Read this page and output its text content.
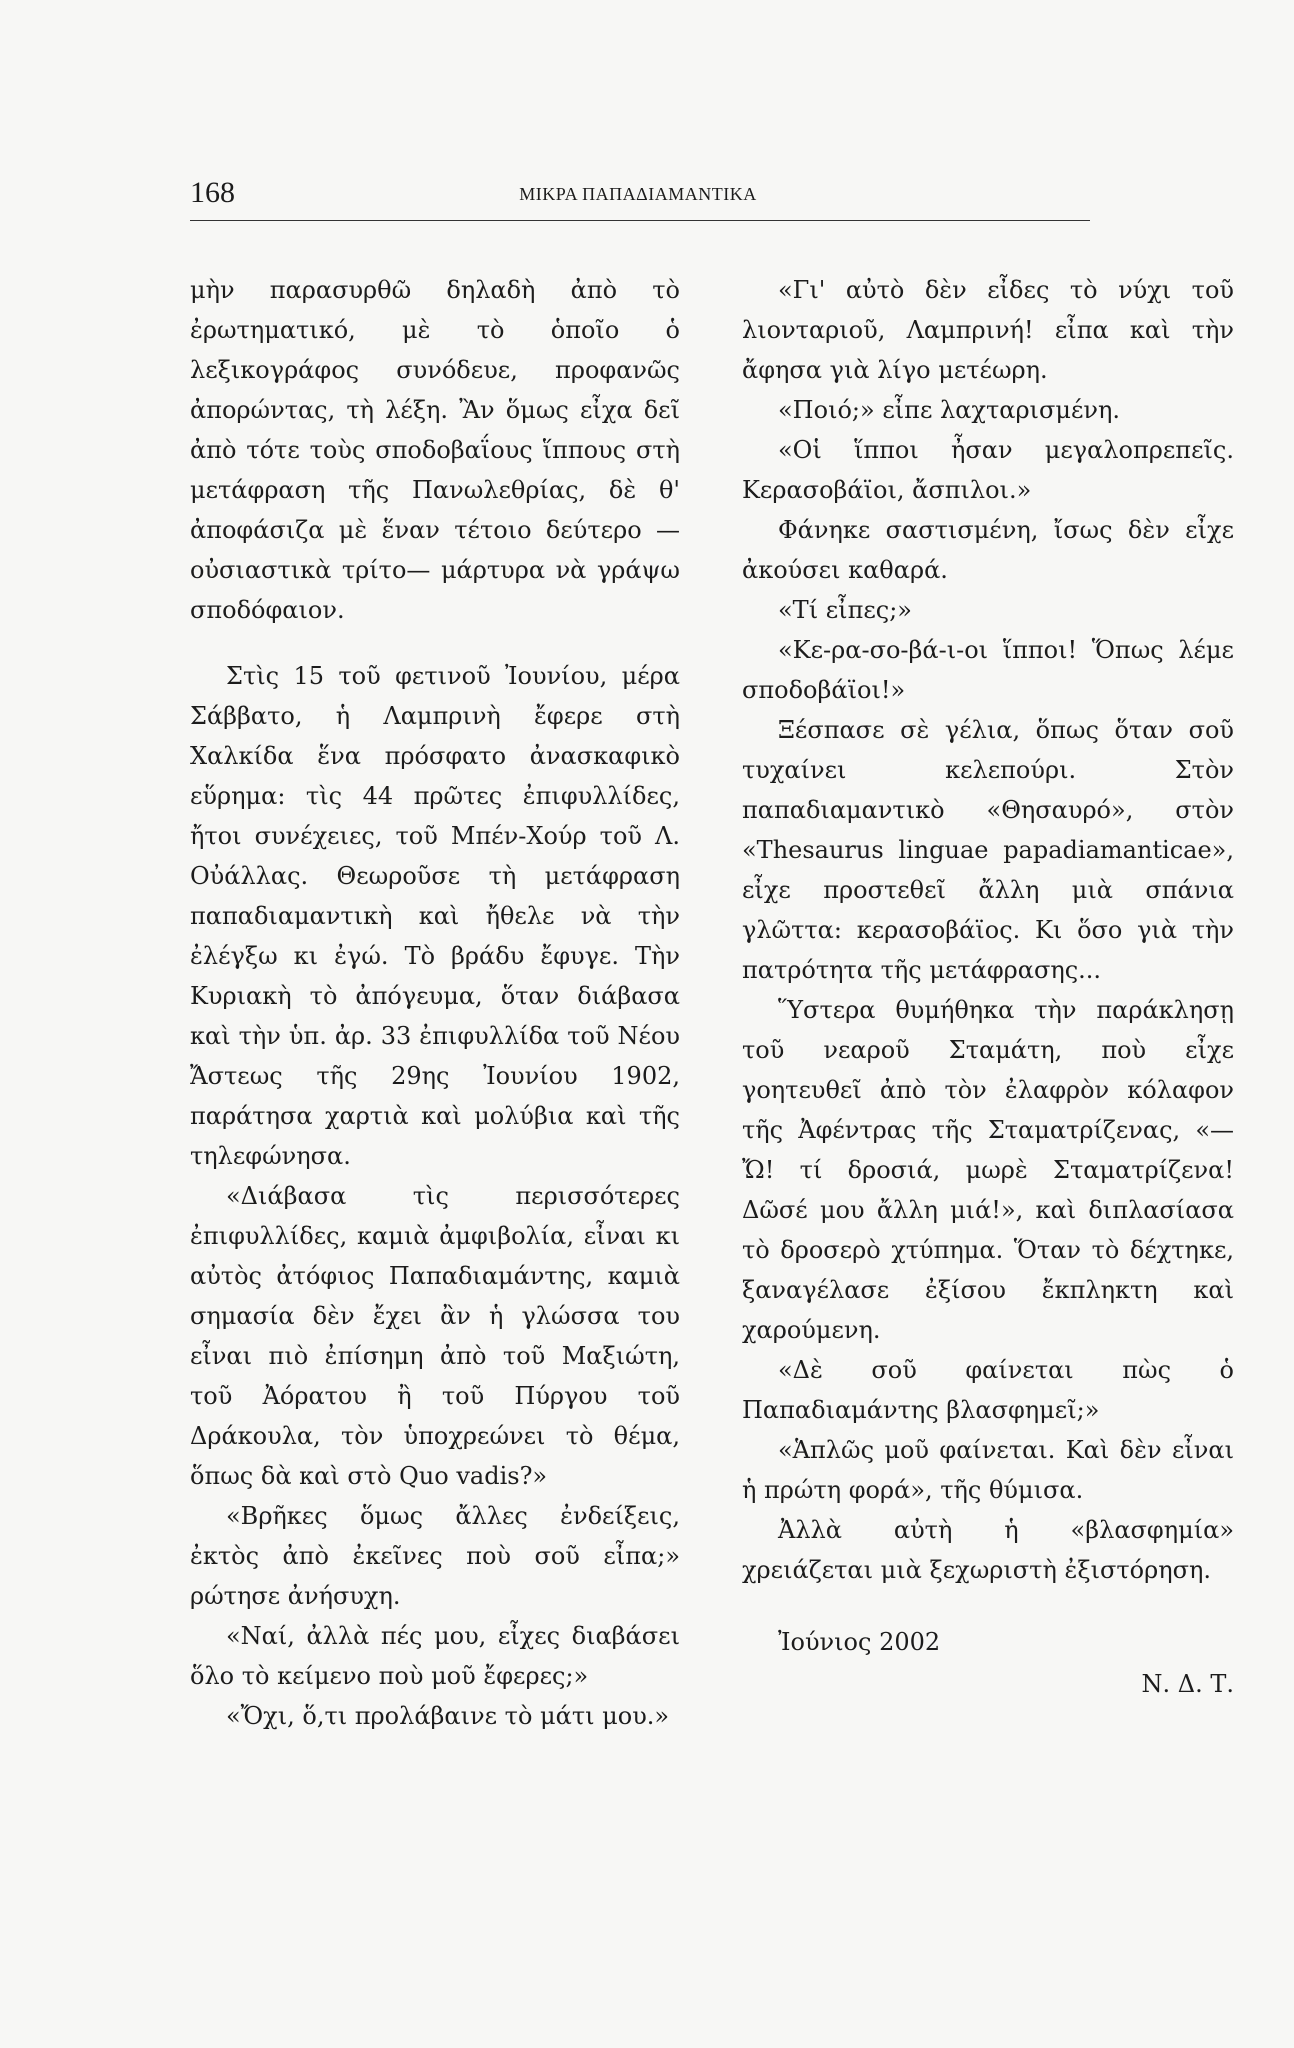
168	ΜΙΚΡΑ ΠΑΠΑΔΙΑΜΑΝΤΙΚΑ

μὴν παρασυρθῶ δηλαδὴ ἀπὸ τὸ ἐρωτηματικό, μὲ τὸ ὁποῖο ὁ λεξικογράφος συνόδευε, προφανῶς ἀπορώντας, τὴ λέξη. Ἂν ὅμως εἶχα δεῖ ἀπὸ τότε τοὺς σποδοβαΐους ἵππους στὴ μετάφραση τῆς Πανωλεθρίας, δὲ θ' ἀποφάσιζα μὲ ἕναν τέτοιο δεύτερο —οὐσιαστικὰ τρίτο— μάρτυρα νὰ γράψω σποδόφαιον.

Στὶς 15 τοῦ φετινοῦ Ἰουνίου, μέρα Σάββατο, ἡ Λαμπρινὴ ἔφερε στὴ Χαλκίδα ἕνα πρόσφατο ἀνασκαφικὸ εὕρημα: τὶς 44 πρῶτες ἐπιφυλλίδες, ἤτοι συνέχειες, τοῦ Μπέν-Χούρ τοῦ Λ. Οὐάλλας. Θεωροῦσε τὴ μετάφραση παπαδιαμαντικὴ καὶ ἤθελε νὰ τὴν ἐλέγξω κι ἐγώ. Τὸ βράδυ ἔφυγε. Τὴν Κυριακὴ τὸ ἀπόγευμα, ὅταν διάβασα καὶ τὴν ὑπ. ἀρ. 33 ἐπιφυλλίδα τοῦ Νέου Ἄστεως τῆς 29ης Ἰουνίου 1902, παράτησα χαρτιὰ καὶ μολύβια καὶ τῆς τηλεφώνησα.

«Διάβασα τὶς περισσότερες ἐπιφυλλίδες, καμιὰ ἀμφιβολία, εἶναι κι αὐτὸς ἀτόφιος Παπαδιαμάντης, καμιὰ σημασία δὲν ἔχει ἂν ἡ γλώσσα του εἶναι πιὸ ἐπίσημη ἀπὸ τοῦ Μαξιώτη, τοῦ Ἀόρατου ἢ τοῦ Πύργου τοῦ Δράκουλα, τὸν ὑποχρεώνει τὸ θέμα, ὅπως δὰ καὶ στὸ Quo vadis?»

«Βρῆκες ὅμως ἄλλες ἐνδείξεις, ἐκτὸς ἀπὸ ἐκεῖνες ποὺ σοῦ εἶπα;» ρώτησε ἀνήσυχη.

«Ναί, ἀλλὰ πές μου, εἶχες διαβάσει ὅλο τὸ κείμενο ποὺ μοῦ ἔφερες;»

«Ὄχι, ὅ,τι προλάβαινε τὸ μάτι μου.»

«Γι' αὐτὸ δὲν εἶδες τὸ νύχι τοῦ λιονταριοῦ, Λαμπρινή! εἶπα καὶ τὴν ἄφησα γιὰ λίγο μετέωρη.

«Ποιό;» εἶπε λαχταρισμένη.

«Οἱ ἵπποι ἦσαν μεγαλοπρεπεῖς. Κερασοβάϊοι, ἄσπιλοι.»

Φάνηκε σαστισμένη, ἴσως δὲν εἶχε ἀκούσει καθαρά.

«Τί εἶπες;»

«Κε-ρα-σο-βά-ι-οι ἵπποι! Ὅπως λέμε σποδοβάϊοι!»

Ξέσπασε σὲ γέλια, ὅπως ὅταν σοῦ τυχαίνει κελεπούρι. Στὸν παπαδιαμαντικὸ «Θησαυρό», στὸν «Thesaurus linguae papadiamanticae», εἶχε προστεθεῖ ἄλλη μιὰ σπάνια γλῶττα: κερασοβάϊος. Κι ὅσο γιὰ τὴν πατρότητα τῆς μετάφρασης...

Ὕστερα θυμήθηκα τὴν παράκλησῃ τοῦ νεαροῦ Σταμάτη, ποὺ εἶχε γοητευθεῖ ἀπὸ τὸν ἐλαφρὸν κόλαφον τῆς Ἀφέντρας τῆς Σταματρίζενας, «—Ὤ! τί δροσιά, μωρὲ Σταματρίζενα! Δῶσέ μου ἄλλη μιά!», καὶ διπλασίασα τὸ δροσερὸ χτύπημα. Ὅταν τὸ δέχτηκε, ξαναγέλασε ἐξίσου ἔκπληκτη καὶ χαρούμενη.

«Δὲ σοῦ φαίνεται πὼς ὁ Παπαδιαμάντης βλασφημεῖ;»

«Ἁπλῶς μοῦ φαίνεται. Καὶ δὲν εἶναι ἡ πρώτη φορά», τῆς θύμισα.

Ἀλλὰ αὐτὴ ἡ «βλασφημία» χρειάζεται μιὰ ξεχωριστὴ ἐξιστόρηση.

Ἰούνιος 2002

Ν. Δ. Τ.
